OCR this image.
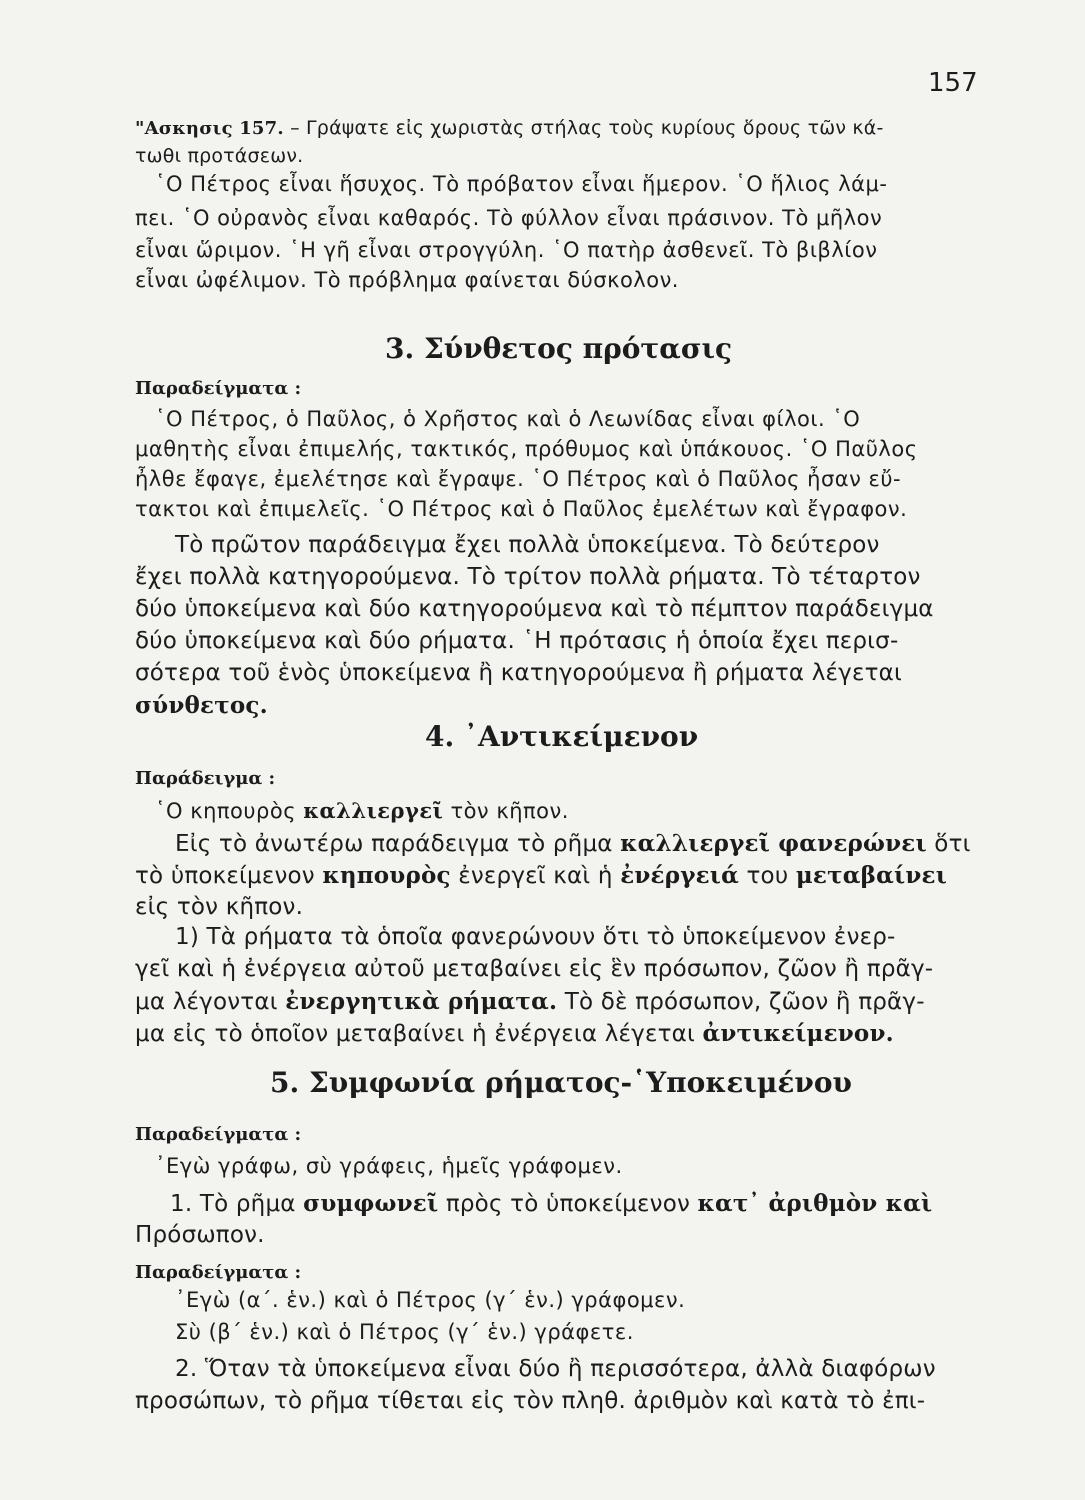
157
"Ασκησις 157. – Γράψατε εἰς χωριστὰς στήλας τοὺς κυρίους ὅρους τῶν κά-
τωθι προτάσεων.
῾Ο Πέτρος εἶναι ἥσυχος. Τὸ πρόβατον εἶναι ἥμερον. ῾Ο ἥλιος λάμ-
πει. ῾Ο οὐρανὸς εἶναι καθαρός. Τὸ φύλλον εἶναι πράσινον. Τὸ μῆλον
εἶναι ὥριμον. ῾Η γῆ εἶναι στρογγύλη. ῾Ο πατὴρ ἀσθενεῖ. Τὸ βιβλίον
εἶναι ὠφέλιμον. Τὸ πρόβλημα φαίνεται δύσκολον.
3. Σύνθετος πρότασις
Παραδείγματα :
῾Ο Πέτρος, ὁ Παῦλος, ὁ Χρῆστος καὶ ὁ Λεωνίδας εἶναι φίλοι. ῾Ο
μαθητὴς εἶναι ἐπιμελής, τακτικός, πρόθυμος καὶ ὑπάκουος. ῾Ο Παῦλος
ἦλθε ἔφαγε, ἐμελέτησε καὶ ἔγραψε. ῾Ο Πέτρος καὶ ὁ Παῦλος ἦσαν εὔ-
τακτοι καὶ ἐπιμελεῖς. ῾Ο Πέτρος καὶ ὁ Παῦλος ἐμελέτων καὶ ἔγραφον.
Τὸ πρῶτον παράδειγμα ἔχει πολλὰ ὑποκείμενα. Τὸ δεύτερον
ἔχει πολλὰ κατηγορούμενα. Τὸ τρίτον πολλὰ ρήματα. Τὸ τέταρτον
δύο ὑποκείμενα καὶ δύο κατηγορούμενα καὶ τὸ πέμπτον παράδειγμα
δύο ὑποκείμενα καὶ δύο ρήματα. ῾Η πρότασις ἡ ὁποία ἔχει περισ-
σότερα τοῦ ἑνὸς ὑποκείμενα ἢ κατηγορούμενα ἢ ρήματα λέγεται
σύνθετος.
4. ᾿Αντικείμενον
Παράδειγμα :
῾Ο κηπουρὸς καλλιεργεῖ τὸν κῆπον.
Εἰς τὸ ἀνωτέρω παράδειγμα τὸ ρῆμα καλλιεργεῖ φανερώνει ὅτι
τὸ ὑποκείμενον κηπουρὸς ἐνεργεῖ καὶ ἡ ἐνέργειά του μεταβαίνει
εἰς τὸν κῆπον.
1) Τὰ ρήματα τὰ ὁποῖα φανερώνουν ὅτι τὸ ὑποκείμενον ἐνερ-
γεῖ καὶ ἡ ἐνέργεια αὐτοῦ μεταβαίνει εἰς ἓν πρόσωπον, ζῶον ἢ πρᾶγ-
μα λέγονται ἐνεργητικὰ ρήματα. Τὸ δὲ πρόσωπον, ζῶον ἢ πρᾶγ-
μα εἰς τὸ ὁποῖον μεταβαίνει ἡ ἐνέργεια λέγεται ἀντικείμενον.
5. Συμφωνία ρήματος-῾Υποκειμένου
Παραδείγματα :
᾿Εγὼ γράφω, σὺ γράφεις, ἡμεῖς γράφομεν.
1. Τὸ ρῆμα συμφωνεῖ πρὸς τὸ ὑποκείμενον κατ᾿ ἀριθμὸν καὶ
Πρόσωπον.
Παραδείγματα :
᾿Εγὼ (α΄. ἑν.) καὶ ὁ Πέτρος (γ΄ ἑν.) γράφομεν.
Σὺ (β΄ ἑν.) καὶ ὁ Πέτρος (γ΄ ἑν.) γράφετε.
2. Ὅταν τὰ ὑποκείμενα εἶναι δύο ἢ περισσότερα, ἀλλὰ διαφόρων
προσώπων, τὸ ρῆμα τίθεται εἰς τὸν πληθ. ἀριθμὸν καὶ κατὰ τὸ ἐπι-
